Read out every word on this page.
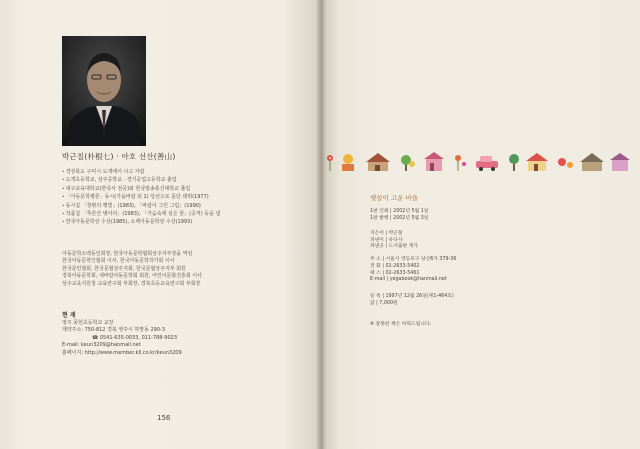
박근칠(朴根七) · 아호 선산(善山)
• 경상북도 구미시 도개에서 나고 자람
• 도개초등학교, 상주중학교 · 경기공업고등학교 졸업
• 대구교육대학교(한국사 전공)와 한국방송통신대학교 졸업
• 「아동문학평론」동시(가을바람 외 1) 당선으로 문단 데뷔(1977)
• 동시집 「창밖의 햇빛」(1983), 「바람이 그린 그림」(1990)
• 작품집 「푸른산 병아리」(1983), 「가슴속에 심은 꿈」(공저) 등을 냄
• 한국아동문학상 수상(1985), 소백아동문학상 수상(1993)
아동문학소백동인회장, 한국아동문학협회상주지부장을 역임
한국아동문학인협회 이사, 한국아동문학작가회 이사
한국문인협회, 한국문협상주지회, 한국문협상주지부 회원
경북아동문학회, 새바람아동문학회 회원, 어린이문화진흥회 이사
상주교육지원청 교육연구회 부회장, 경북초등교육연구회 부회장
현 재
영주 풍헌초등학교 교장
계약주소: 750-812 경북 영주시 하망동 290-3
☎ 0541-635-0033, 011-788-9023
E-mail: keun3209@hanmail.net
홈페이지: http://www.member.kll.co.kr/keun3209
156
햇살이 고운 마을
1판 인쇄 | 2002년 5월 1일
1판 발행 | 2002년 5월 3일
지은이 | 박근칠
펴낸이 | 유다사
펴낸곳 | 도서출판 계가

주 소 | 서울시 영등포구 당산6가 379-36
전 화 | 02-2633-5402
팩 스 | 02-2633-5461
E-mail | yegabook@hanmail.net
등 록 | 1997년 12월 26일(제1-464호)
값 | 7,000원
※ 잘못된 책은 바꿔드립니다.
